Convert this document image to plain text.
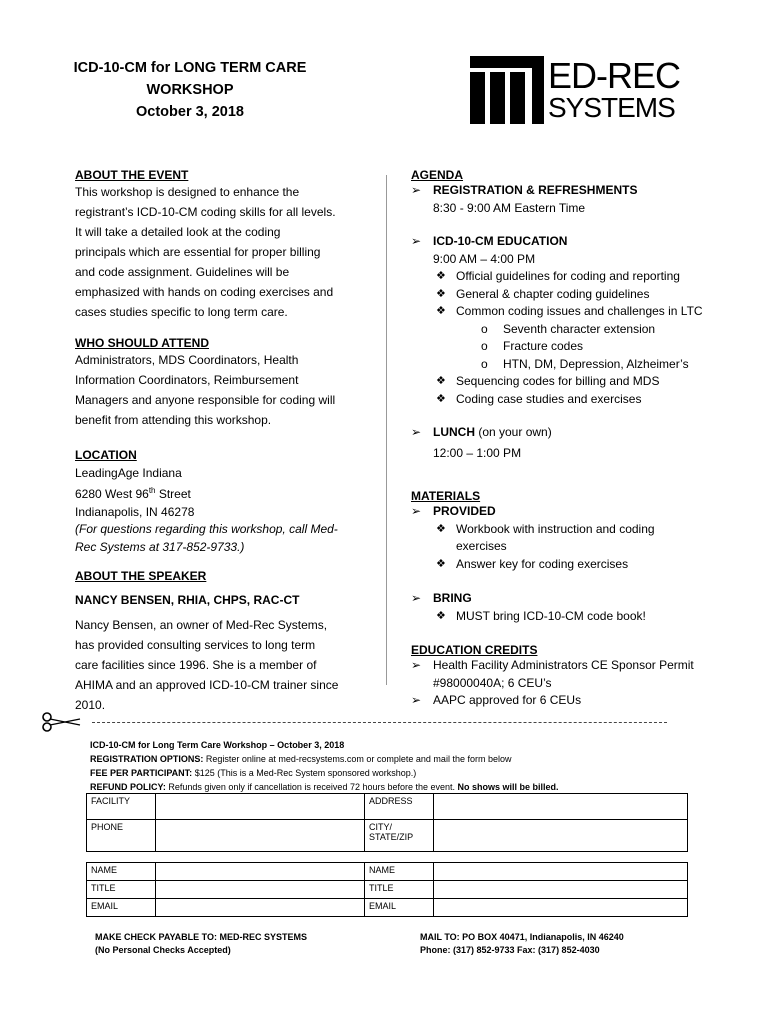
ICD-10-CM for LONG TERM CARE
WORKSHOP
October 3, 2018
ED-REC
SYSTEMS
ABOUT THE EVENT
This workshop is designed to enhance the
registrant’s ICD-10-CM coding skills for all levels.
It will take a detailed look at the coding
principals which are essential for proper billing
and code assignment. Guidelines will be
emphasized with hands on coding exercises and
cases studies specific to long term care.
WHO SHOULD ATTEND
Administrators, MDS Coordinators, Health
Information Coordinators, Reimbursement
Managers and anyone responsible for coding will
benefit from attending this workshop.
LOCATION
LeadingAge Indiana
6280 West 96th Street
Indianapolis, IN 46278
(For questions regarding this workshop, call Med-
Rec Systems at 317-852-9733.)
ABOUT THE SPEAKER
NANCY BENSEN, RHIA, CHPS, RAC-CT
Nancy Bensen, an owner of Med-Rec Systems,
has provided consulting services to long term
care facilities since 1996. She is a member of
AHIMA and an approved ICD-10-CM trainer since
2010.
AGENDA
➢ REGISTRATION & REFRESHMENTS
8:30 - 9:00 AM Eastern Time
➢ ICD-10-CM EDUCATION
9:00 AM – 4:00 PM
❖ Official guidelines for coding and reporting
❖ General & chapter coding guidelines
❖ Common coding issues and challenges in LTC
o Seventh character extension
o Fracture codes
o HTN, DM, Depression, Alzheimer’s
❖ Sequencing codes for billing and MDS
❖ Coding case studies and exercises
➢ LUNCH (on your own)
12:00 – 1:00 PM
MATERIALS
➢ PROVIDED
❖ Workbook with instruction and coding
exercises
❖ Answer key for coding exercises
➢ BRING
❖ MUST bring ICD-10-CM code book!
EDUCATION CREDITS
➢ Health Facility Administrators CE Sponsor Permit
#98000040A; 6 CEU’s
➢ AAPC approved for 6 CEUs
ICD-10-CM for Long Term Care Workshop – October 3, 2018
REGISTRATION OPTIONS: Register online at med-recsystems.com or complete and mail the form below
FEE PER PARTICIPANT: $125 (This is a Med-Rec System sponsored workshop.)
REFUND POLICY: Refunds given only if cancellation is received 72 hours before the event. No shows will be billed.
FACILITY		ADDRESS	
PHONE		CITY/
STATE/ZIP	

NAME		NAME	
TITLE		TITLE	
EMAIL		EMAIL	
MAKE CHECK PAYABLE TO: MED-REC SYSTEMS
(No Personal Checks Accepted)
MAIL TO: PO BOX 40471, Indianapolis, IN 46240
Phone: (317) 852-9733 Fax: (317) 852-4030
